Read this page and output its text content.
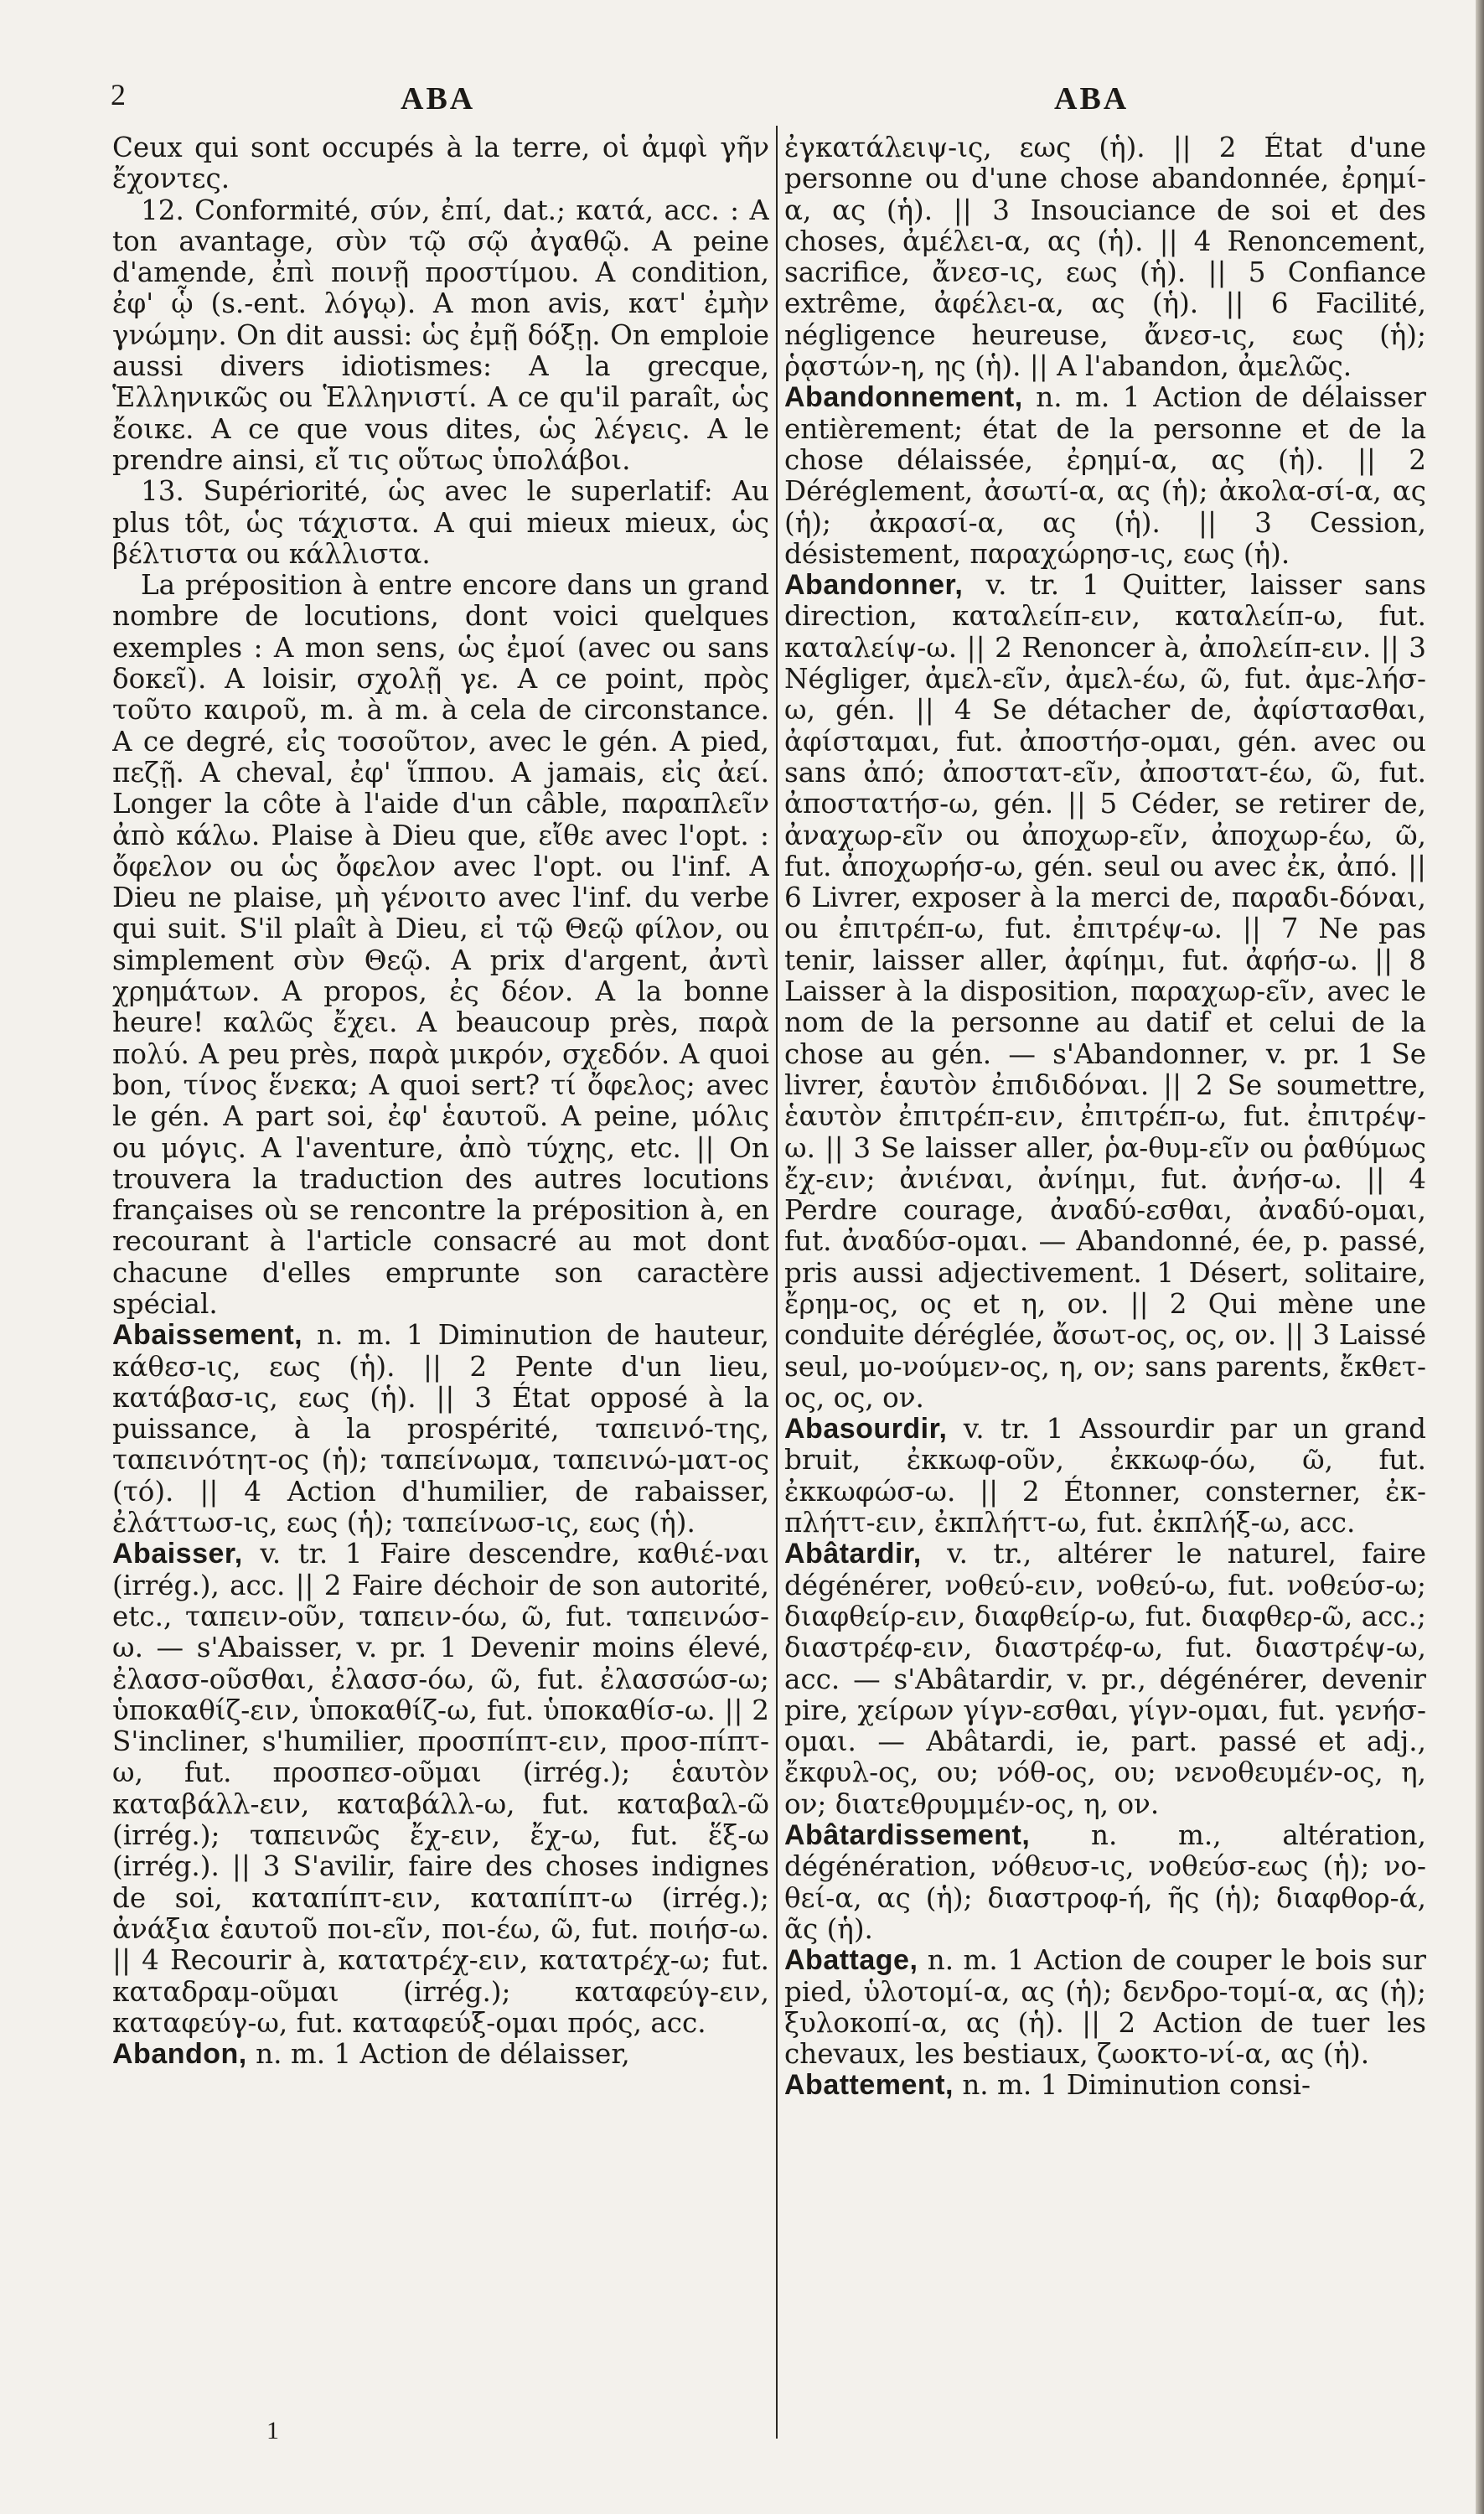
2	ABA	ABA

Ceux qui sont occupés à la terre, οἱ ἀμφὶ γῆν ἔχοντες.

12. Conformité, σύν, ἐπί, dat.; κατά, acc. : A ton avantage, σὺν τῷ σῷ ἀγαθῷ. A peine d'amende, ἐπὶ ποινῇ προστίμου. A condition, ἐφ' ᾧ (s.-ent. λόγῳ). A mon avis, κατ' ἐμὴν γνώμην. On dit aussi: ὡς ἐμῇ δόξῃ. On emploie aussi divers idiotismes: A la grecque, Ἑλληνικῶς ou Ἑλληνιστί. A ce qu'il paraît, ὡς ἔοικε. A ce que vous dites, ὡς λέγεις. A le prendre ainsi, εἴ τις οὕτως ὑπολάβοι.

13. Supériorité, ὡς avec le superlatif: Au plus tôt, ὡς τάχιστα. A qui mieux mieux, ὡς βέλτιστα ou κάλλιστα.

La préposition à entre encore dans un grand nombre de locutions, dont voici quelques exemples : A mon sens, ὡς ἐμοί (avec ou sans δοκεῖ). A loisir, σχολῇ γε. A ce point, πρὸς τοῦτο καιροῦ, m. à m. à cela de circonstance. A ce degré, εἰς τοσοῦτον, avec le gén. A pied, πεζῇ. A cheval, ἐφ' ἵππου. A jamais, εἰς ἀεί. Longer la côte à l'aide d'un câble, παραπλεῖν ἀπὸ κάλω. Plaise à Dieu que, εἴθε avec l'opt. : ὄφελον ou ὡς ὄφελον avec l'opt. ou l'inf. A Dieu ne plaise, μὴ γένοιτο avec l'inf. du verbe qui suit. S'il plaît à Dieu, εἰ τῷ Θεῷ φίλον, ou simplement σὺν Θεῷ. A prix d'argent, ἀντὶ χρημάτων. A propos, ἐς δέον. A la bonne heure! καλῶς ἔχει. A beaucoup près, παρὰ πολύ. A peu près, παρὰ μικρόν, σχεδόν. A quoi bon, τίνος ἕνεκα; A quoi sert? τί ὄφελος; avec le gén. A part soi, ἐφ' ἑαυτοῦ. A peine, μόλις ou μόγις. A l'aventure, ἀπὸ τύχης, etc. || On trouvera la traduction des autres locutions françaises où se rencontre la préposition à, en recourant à l'article consacré au mot dont chacune d'elles emprunte son caractère spécial.

Abaissement, n. m. 1 Diminution de hauteur, κάθεσ-ις, εως (ἡ). || 2 Pente d'un lieu, κατάβασ-ις, εως (ἡ). || 3 État opposé à la puissance, à la prospérité, ταπεινό-της, ταπεινότητ-ος (ἡ); ταπείνωμα, ταπεινώ-ματ-ος (τό). || 4 Action d'humilier, de rabaisser, ἐλάττωσ-ις, εως (ἡ); ταπείνωσ-ις, εως (ἡ).

Abaisser, v. tr. 1 Faire descendre, καθιέ-ναι (irrég.), acc. || 2 Faire déchoir de son autorité, etc., ταπειν-οῦν, ταπειν-όω, ῶ, fut. ταπεινώσ-ω. — s'Abaisser, v. pr. 1 Devenir moins élevé, ἐλασσ-οῦσθαι, ἐλασσ-όω, ῶ, fut. ἐλασσώσ-ω; ὑποκαθίζ-ειν, ὑποκαθίζ-ω, fut. ὑποκαθίσ-ω. || 2 S'incliner, s'humilier, προσπίπτ-ειν, προσ-πίπτ-ω, fut. προσπεσ-οῦμαι (irrég.); ἑαυτὸν καταβάλλ-ειν, καταβάλλ-ω, fut. καταβαλ-ῶ (irrég.); ταπεινῶς ἔχ-ειν, ἔχ-ω, fut. ἕξ-ω (irrég.). || 3 S'avilir, faire des choses indignes de soi, καταπίπτ-ειν, καταπίπτ-ω (irrég.); ἀνάξια ἑαυτοῦ ποι-εῖν, ποι-έω, ῶ, fut. ποιήσ-ω. || 4 Recourir à, κατατρέχ-ειν, κατατρέχ-ω; fut. καταδραμ-οῦμαι (irrég.); καταφεύγ-ειν, καταφεύγ-ω, fut. καταφεύξ-ομαι πρός, acc.

Abandon, n. m. 1 Action de délaisser,

ἐγκατάλειψ-ις, εως (ἡ). || 2 État d'une personne ou d'une chose abandonnée, ἐρημί-α, ας (ἡ). || 3 Insouciance de soi et des choses, ἀμέλει-α, ας (ἡ). || 4 Renoncement, sacrifice, ἄνεσ-ις, εως (ἡ). || 5 Confiance extrême, ἀφέλει-α, ας (ἡ). || 6 Facilité, négligence heureuse, ἄνεσ-ις, εως (ἡ); ῥᾳστών-η, ης (ἡ). || A l'abandon, ἀμελῶς.

Abandonnement, n. m. 1 Action de délaisser entièrement; état de la personne et de la chose délaissée, ἐρημί-α, ας (ἡ). || 2 Déréglement, ἀσωτί-α, ας (ἡ); ἀκολα-σί-α, ας (ἡ); ἀκρασί-α, ας (ἡ). || 3 Cession, désistement, παραχώρησ-ις, εως (ἡ).

Abandonner, v. tr. 1 Quitter, laisser sans direction, καταλείπ-ειν, καταλείπ-ω, fut. καταλείψ-ω. || 2 Renoncer à, ἀπολείπ-ειν. || 3 Négliger, ἀμελ-εῖν, ἀμελ-έω, ῶ, fut. ἀμε-λήσ-ω, gén. || 4 Se détacher de, ἀφίστασθαι, ἀφίσταμαι, fut. ἀποστήσ-ομαι, gén. avec ou sans ἀπό; ἀποστατ-εῖν, ἀποστατ-έω, ῶ, fut. ἀποστατήσ-ω, gén. || 5 Céder, se retirer de, ἀναχωρ-εῖν ou ἀποχωρ-εῖν, ἀποχωρ-έω, ῶ, fut. ἀποχωρήσ-ω, gén. seul ou avec ἐκ, ἀπό. || 6 Livrer, exposer à la merci de, παραδι-δόναι, ou ἐπιτρέπ-ω, fut. ἐπιτρέψ-ω. || 7 Ne pas tenir, laisser aller, ἀφίημι, fut. ἀφήσ-ω. || 8 Laisser à la disposition, παραχωρ-εῖν, avec le nom de la personne au datif et celui de la chose au gén. — s'Abandonner, v. pr. 1 Se livrer, ἑαυτὸν ἐπιδιδόναι. || 2 Se soumettre, ἑαυτὸν ἐπιτρέπ-ειν, ἐπιτρέπ-ω, fut. ἐπιτρέψ-ω. || 3 Se laisser aller, ῥα-θυμ-εῖν ou ῥαθύμως ἔχ-ειν; ἀνιέναι, ἀνίημι, fut. ἀνήσ-ω. || 4 Perdre courage, ἀναδύ-εσθαι, ἀναδύ-ομαι, fut. ἀναδύσ-ομαι. — Abandonné, ée, p. passé, pris aussi adjectivement. 1 Désert, solitaire, ἔρημ-ος, ος et η, ον. || 2 Qui mène une conduite déréglée, ἄσωτ-ος, ος, ον. || 3 Laissé seul, μο-νούμεν-ος, η, ον; sans parents, ἔκθετ-ος, ος, ον.

Abasourdir, v. tr. 1 Assourdir par un grand bruit, ἐκκωφ-οῦν, ἐκκωφ-όω, ῶ, fut. ἐκκωφώσ-ω. || 2 Étonner, consterner, ἐκ-πλήττ-ειν, ἐκπλήττ-ω, fut. ἐκπλήξ-ω, acc.

Abâtardir, v. tr., altérer le naturel, faire dégénérer, νοθεύ-ειν, νοθεύ-ω, fut. νοθεύσ-ω; διαφθείρ-ειν, διαφθείρ-ω, fut. διαφθερ-ῶ, acc.; διαστρέφ-ειν, διαστρέφ-ω, fut. διαστρέψ-ω, acc. — s'Abâtardir, v. pr., dégénérer, devenir pire, χείρων γίγν-εσθαι, γίγν-ομαι, fut. γενήσ-ομαι. — Abâtardi, ie, part. passé et adj., ἔκφυλ-ος, ου; νόθ-ος, ου; νενοθευμέν-ος, η, ον; διατεθρυμμέν-ος, η, ον.

Abâtardissement, n. m., altération, dégénération, νόθευσ-ις, νοθεύσ-εως (ἡ); νο-θεί-α, ας (ἡ); διαστροφ-ή, ῆς (ἡ); διαφθορ-ά, ᾶς (ἡ).

Abattage, n. m. 1 Action de couper le bois sur pied, ὑλοτομί-α, ας (ἡ); δενδρο-τομί-α, ας (ἡ); ξυλοκοπί-α, ας (ἡ). || 2 Action de tuer les chevaux, les bestiaux, ζωοκτο-νί-α, ας (ἡ).

Abattement, n. m. 1 Diminution consi-

1
